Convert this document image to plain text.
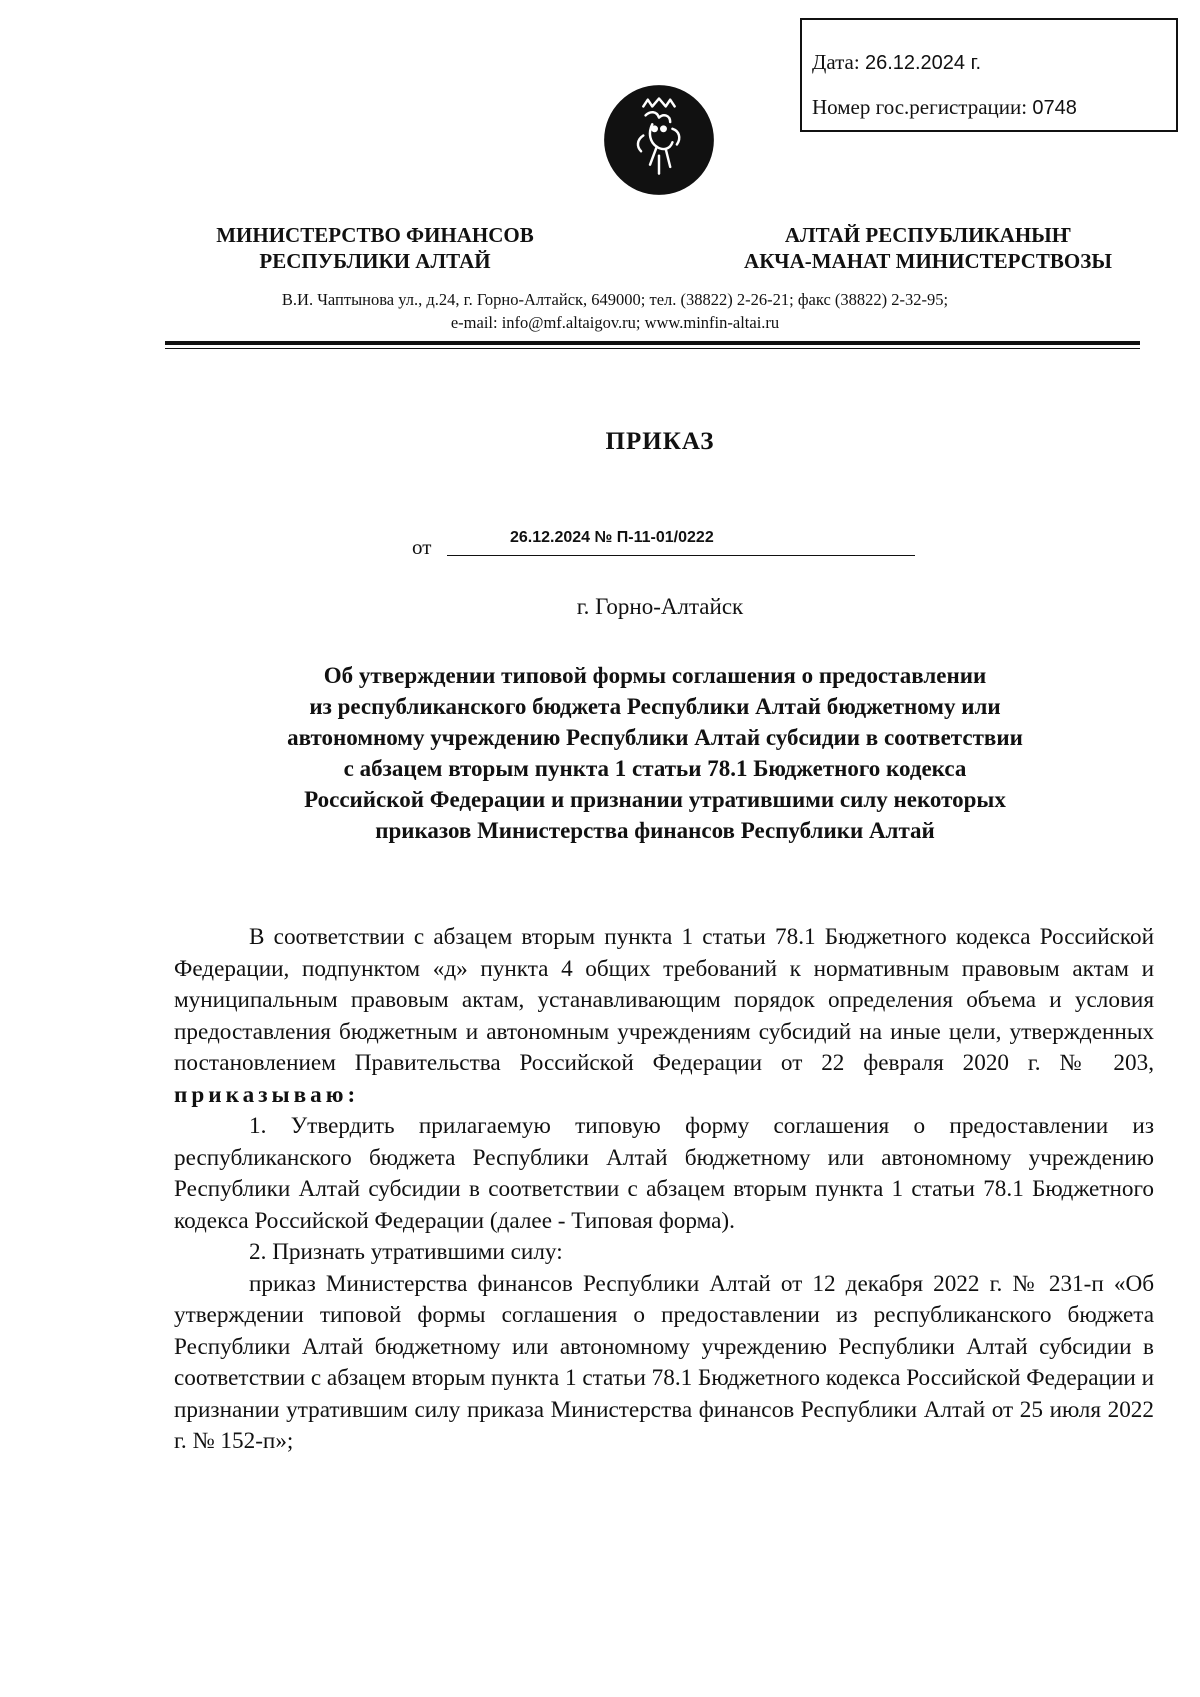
Дата: 26.12.2024 г.
Номер гос.регистрации: 0748
МИНИСТЕРСТВО ФИНАНСОВ
РЕСПУБЛИКИ АЛТАЙ
АЛТАЙ РЕСПУБЛИКАНЫҤ
АКЧА-МАНАТ МИНИСТЕРСТВОЗЫ
В.И. Чаптынова ул., д.24, г. Горно-Алтайск, 649000; тел. (38822) 2-26-21; факс (38822) 2-32-95;
e-mail: info@mf.altaigov.ru; www.minfin-altai.ru
ПРИКАЗ
от	26.12.2024 № П-11-01/0222
г. Горно-Алтайск
Об утверждении типовой формы соглашения о предоставлении
из республиканского бюджета Республики Алтай бюджетному или
автономному учреждению Республики Алтай субсидии в соответствии
с абзацем вторым пункта 1 статьи 78.1 Бюджетного кодекса
Российской Федерации и признании утратившими силу некоторых
приказов Министерства финансов Республики Алтай

В соответствии с абзацем вторым пункта 1 статьи 78.1 Бюджетного кодекса Российской Федерации, подпунктом «д» пункта 4 общих требований к нормативным правовым актам и муниципальным правовым актам, устанавливающим порядок определения объема и условия предоставления бюджетным и автономным учреждениям субсидий на иные цели, утвержденных постановлением Правительства Российской Федерации от 22 февраля 2020 г. № 203, приказываю:

1. Утвердить прилагаемую типовую форму соглашения о предоставлении из республиканского бюджета Республики Алтай бюджетному или автономному учреждению Республики Алтай субсидии в соответствии с абзацем вторым пункта 1 статьи 78.1 Бюджетного кодекса Российской Федерации (далее - Типовая форма).

2. Признать утратившими силу:

приказ Министерства финансов Республики Алтай от 12 декабря 2022 г. № 231-п «Об утверждении типовой формы соглашения о предоставлении из республиканского бюджета Республики Алтай бюджетному или автономному учреждению Республики Алтай субсидии в соответствии с абзацем вторым пункта 1 статьи 78.1 Бюджетного кодекса Российской Федерации и признании утратившим силу приказа Министерства финансов Республики Алтай от 25 июля 2022 г. № 152-п»;
